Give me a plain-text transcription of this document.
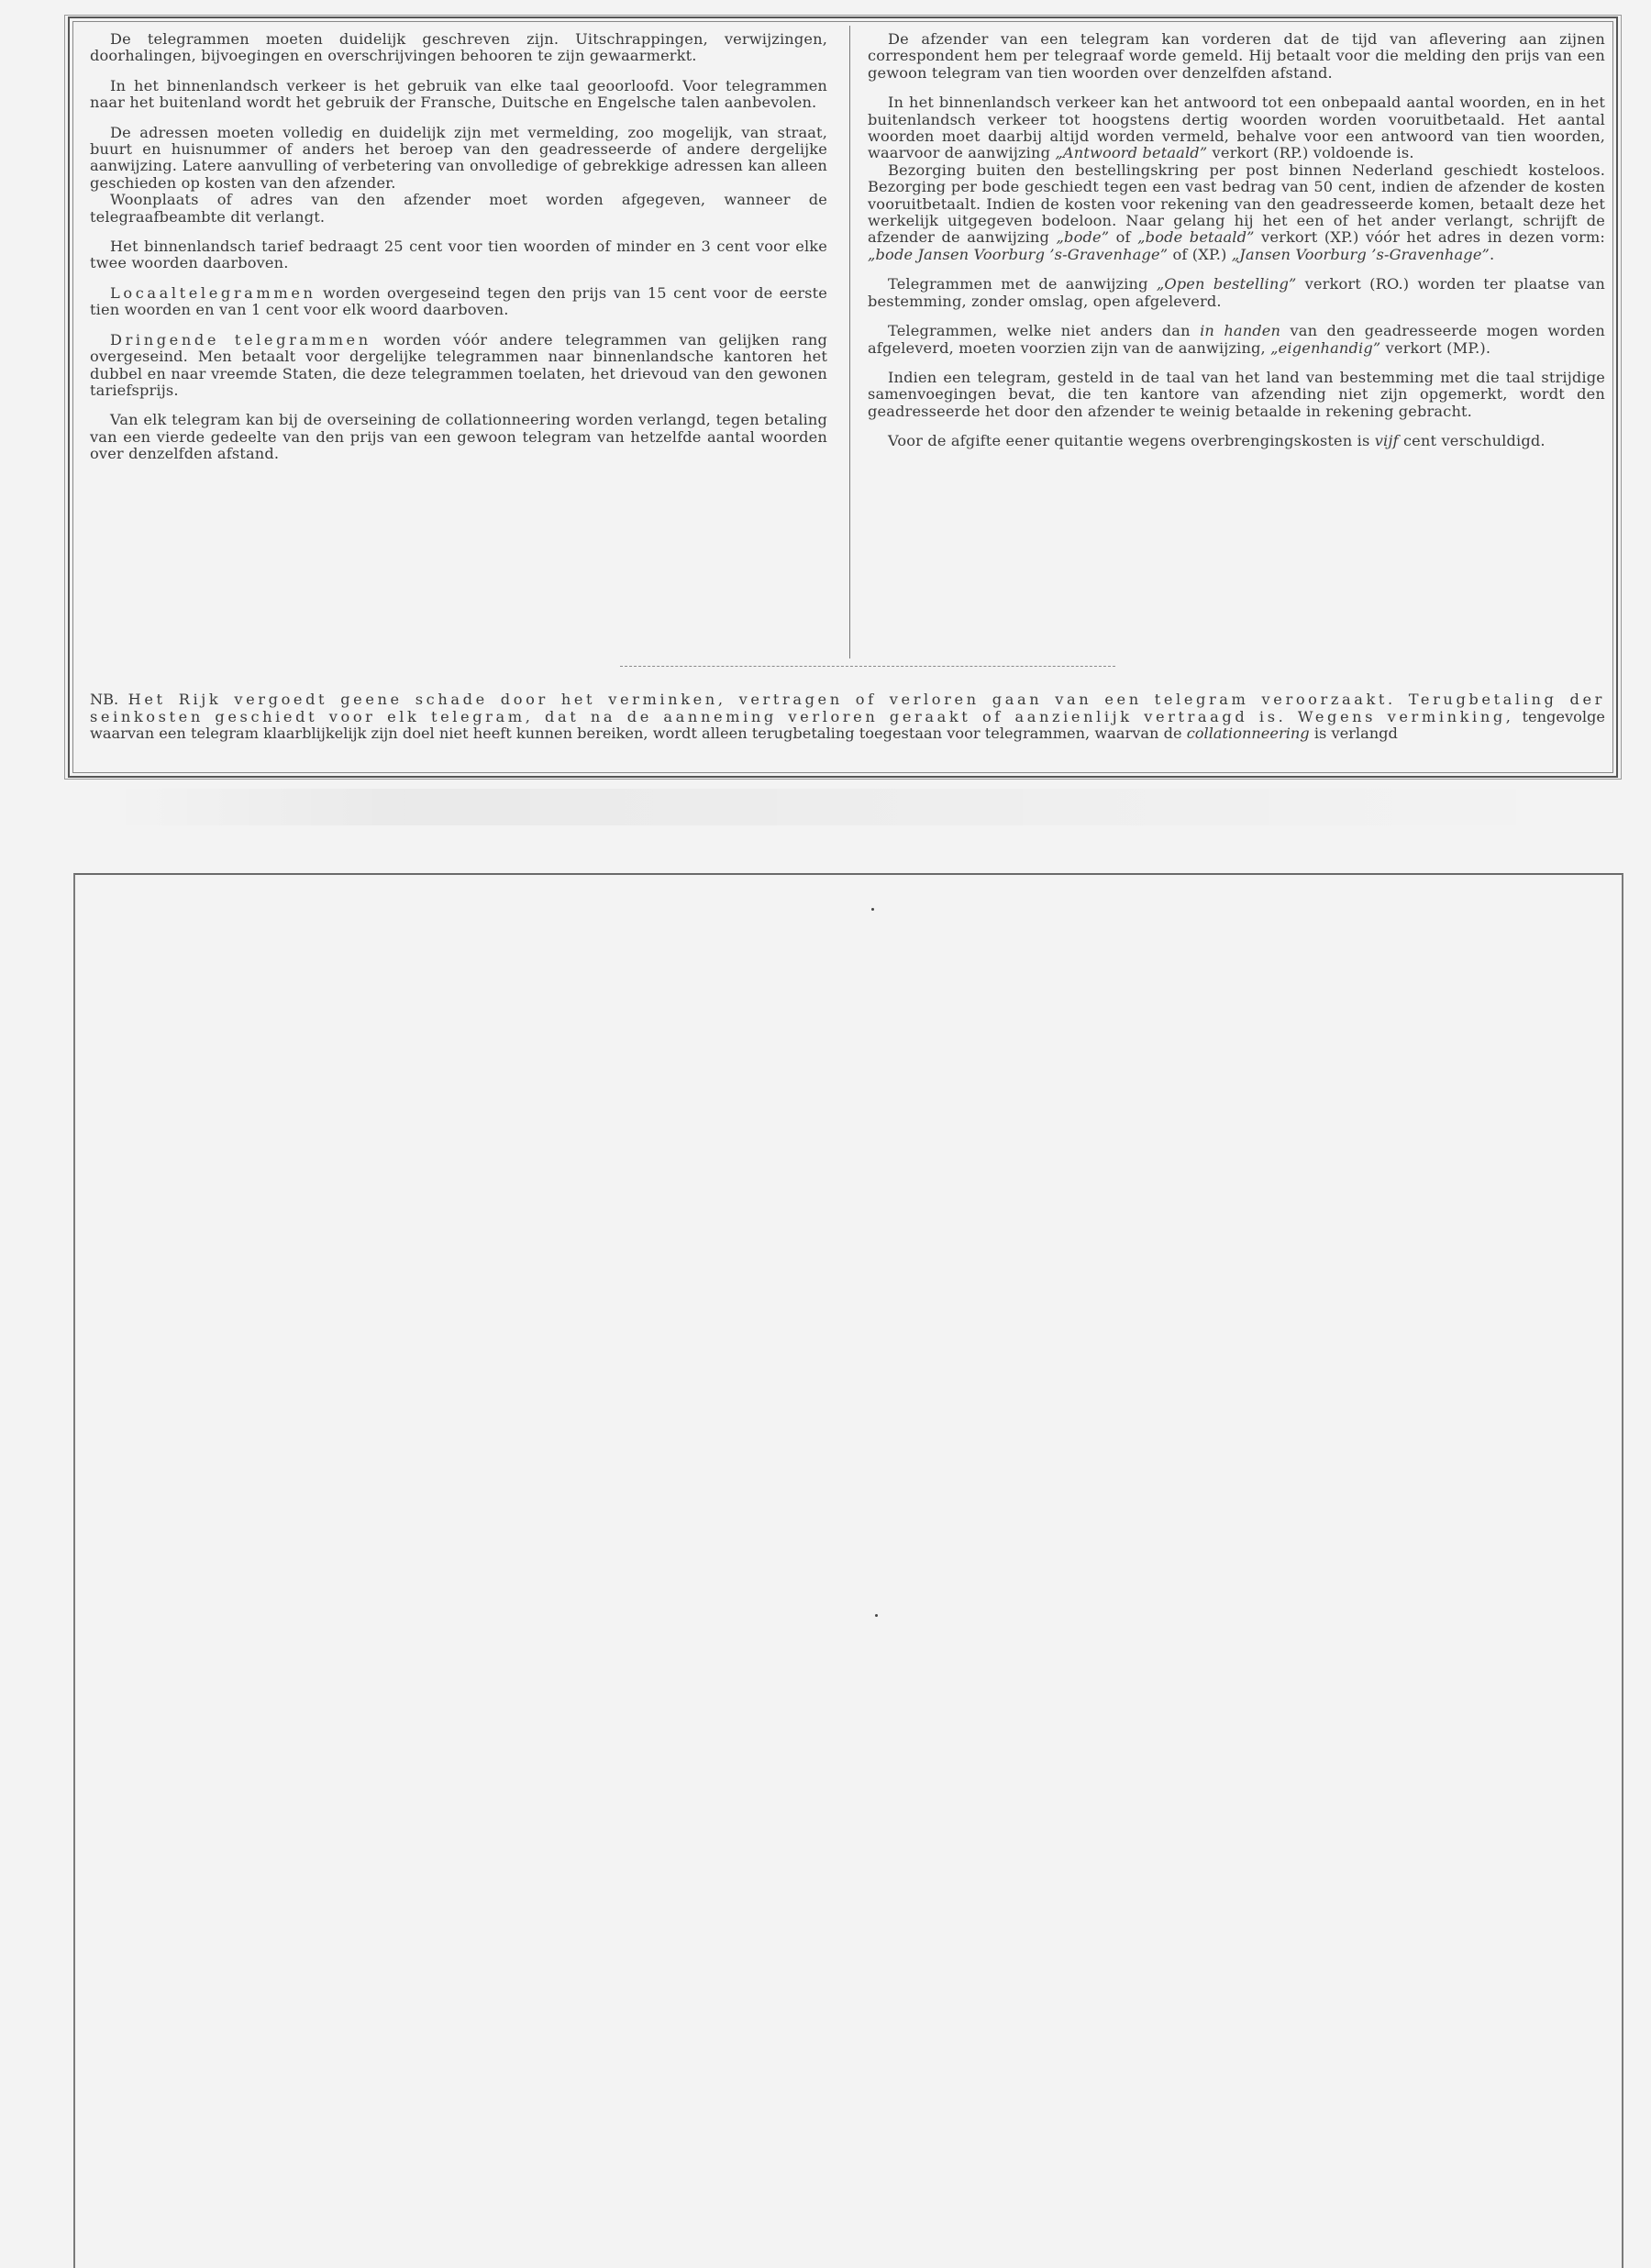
De telegrammen moeten duidelijk geschreven zijn. Uitschrappingen, verwijzingen, doorhalingen, bijvoegingen en overschrijvingen behooren te zijn gewaarmerkt.

In het binnenlandsch verkeer is het gebruik van elke taal geoorloofd. Voor telegrammen naar het buitenland wordt het gebruik der Fransche, Duitsche en Engelsche talen aanbevolen.

De adressen moeten volledig en duidelijk zijn met vermelding, zoo mogelijk, van straat, buurt en huisnummer of anders het beroep van den geadresseerde of andere dergelijke aanwijzing. Latere aanvulling of verbetering van onvolledige of gebrekkige adressen kan alleen geschieden op kosten van den afzender.

Woonplaats of adres van den afzender moet worden afgegeven, wanneer de telegraafbeambte dit verlangt.

Het binnenlandsch tarief bedraagt 25 cent voor tien woorden of minder en 3 cent voor elke twee woorden daarboven.

Locaaltelegrammen worden overgeseind tegen den prijs van 15 cent voor de eerste tien woorden en van 1 cent voor elk woord daarboven.

Dringende telegrammen worden vóór andere telegrammen van gelijken rang overgeseind. Men betaalt voor dergelijke telegrammen naar binnenlandsche kantoren het dubbel en naar vreemde Staten, die deze telegrammen toelaten, het drievoud van den gewonen tariefsprijs.

Van elk telegram kan bij de overseining de collationneering worden verlangd, tegen betaling van een vierde gedeelte van den prijs van een gewoon telegram van hetzelfde aantal woorden over denzelfden afstand.

De afzender van een telegram kan vorderen dat de tijd van aflevering aan zijnen correspondent hem per telegraaf worde gemeld. Hij betaalt voor die melding den prijs van een gewoon telegram van tien woorden over denzelfden afstand.

In het binnenlandsch verkeer kan het antwoord tot een onbepaald aantal woorden, en in het buitenlandsch verkeer tot hoogstens dertig woorden worden vooruitbetaald. Het aantal woorden moet daarbij altijd worden vermeld, behalve voor een antwoord van tien woorden, waarvoor de aanwijzing „Antwoord betaald” verkort (RP.) voldoende is.

Bezorging buiten den bestellingskring per post binnen Nederland geschiedt kosteloos. Bezorging per bode geschiedt tegen een vast bedrag van 50 cent, indien de afzender de kosten vooruitbetaalt. Indien de kosten voor rekening van den geadresseerde komen, betaalt deze het werkelijk uitgegeven bodeloon. Naar gelang hij het een of het ander verlangt, schrijft de afzender de aanwijzing „bode” of „bode betaald” verkort (XP.) vóór het adres in dezen vorm: „bode Jansen Voorburg ’s-Gravenhage” of (XP.) „Jansen Voorburg ’s-Gravenhage”.

Telegrammen met de aanwijzing „Open bestelling” verkort (RO.) worden ter plaatse van bestemming, zonder omslag, open afgeleverd.

Telegrammen, welke niet anders dan in handen van den geadresseerde mogen worden afgeleverd, moeten voorzien zijn van de aanwijzing, „eigenhandig” verkort (MP.).

Indien een telegram, gesteld in de taal van het land van bestemming met die taal strijdige samenvoegingen bevat, die ten kantore van afzending niet zijn opgemerkt, wordt den geadresseerde het door den afzender te weinig betaalde in rekening gebracht.

Voor de afgifte eener quitantie wegens overbrengingskosten is vijf cent verschuldigd.

NB. Het Rijk vergoedt geene schade door het verminken, vertragen of verloren gaan van een telegram veroorzaakt. Terugbetaling der seinkosten geschiedt voor elk telegram, dat na de aanneming verloren geraakt of aanzienlijk vertraagd is. Wegens verminking, tengevolge waarvan een telegram klaarblijkelijk zijn doel niet heeft kunnen bereiken, wordt alleen terugbetaling toegestaan voor telegrammen, waarvan de collationneering is verlangd
